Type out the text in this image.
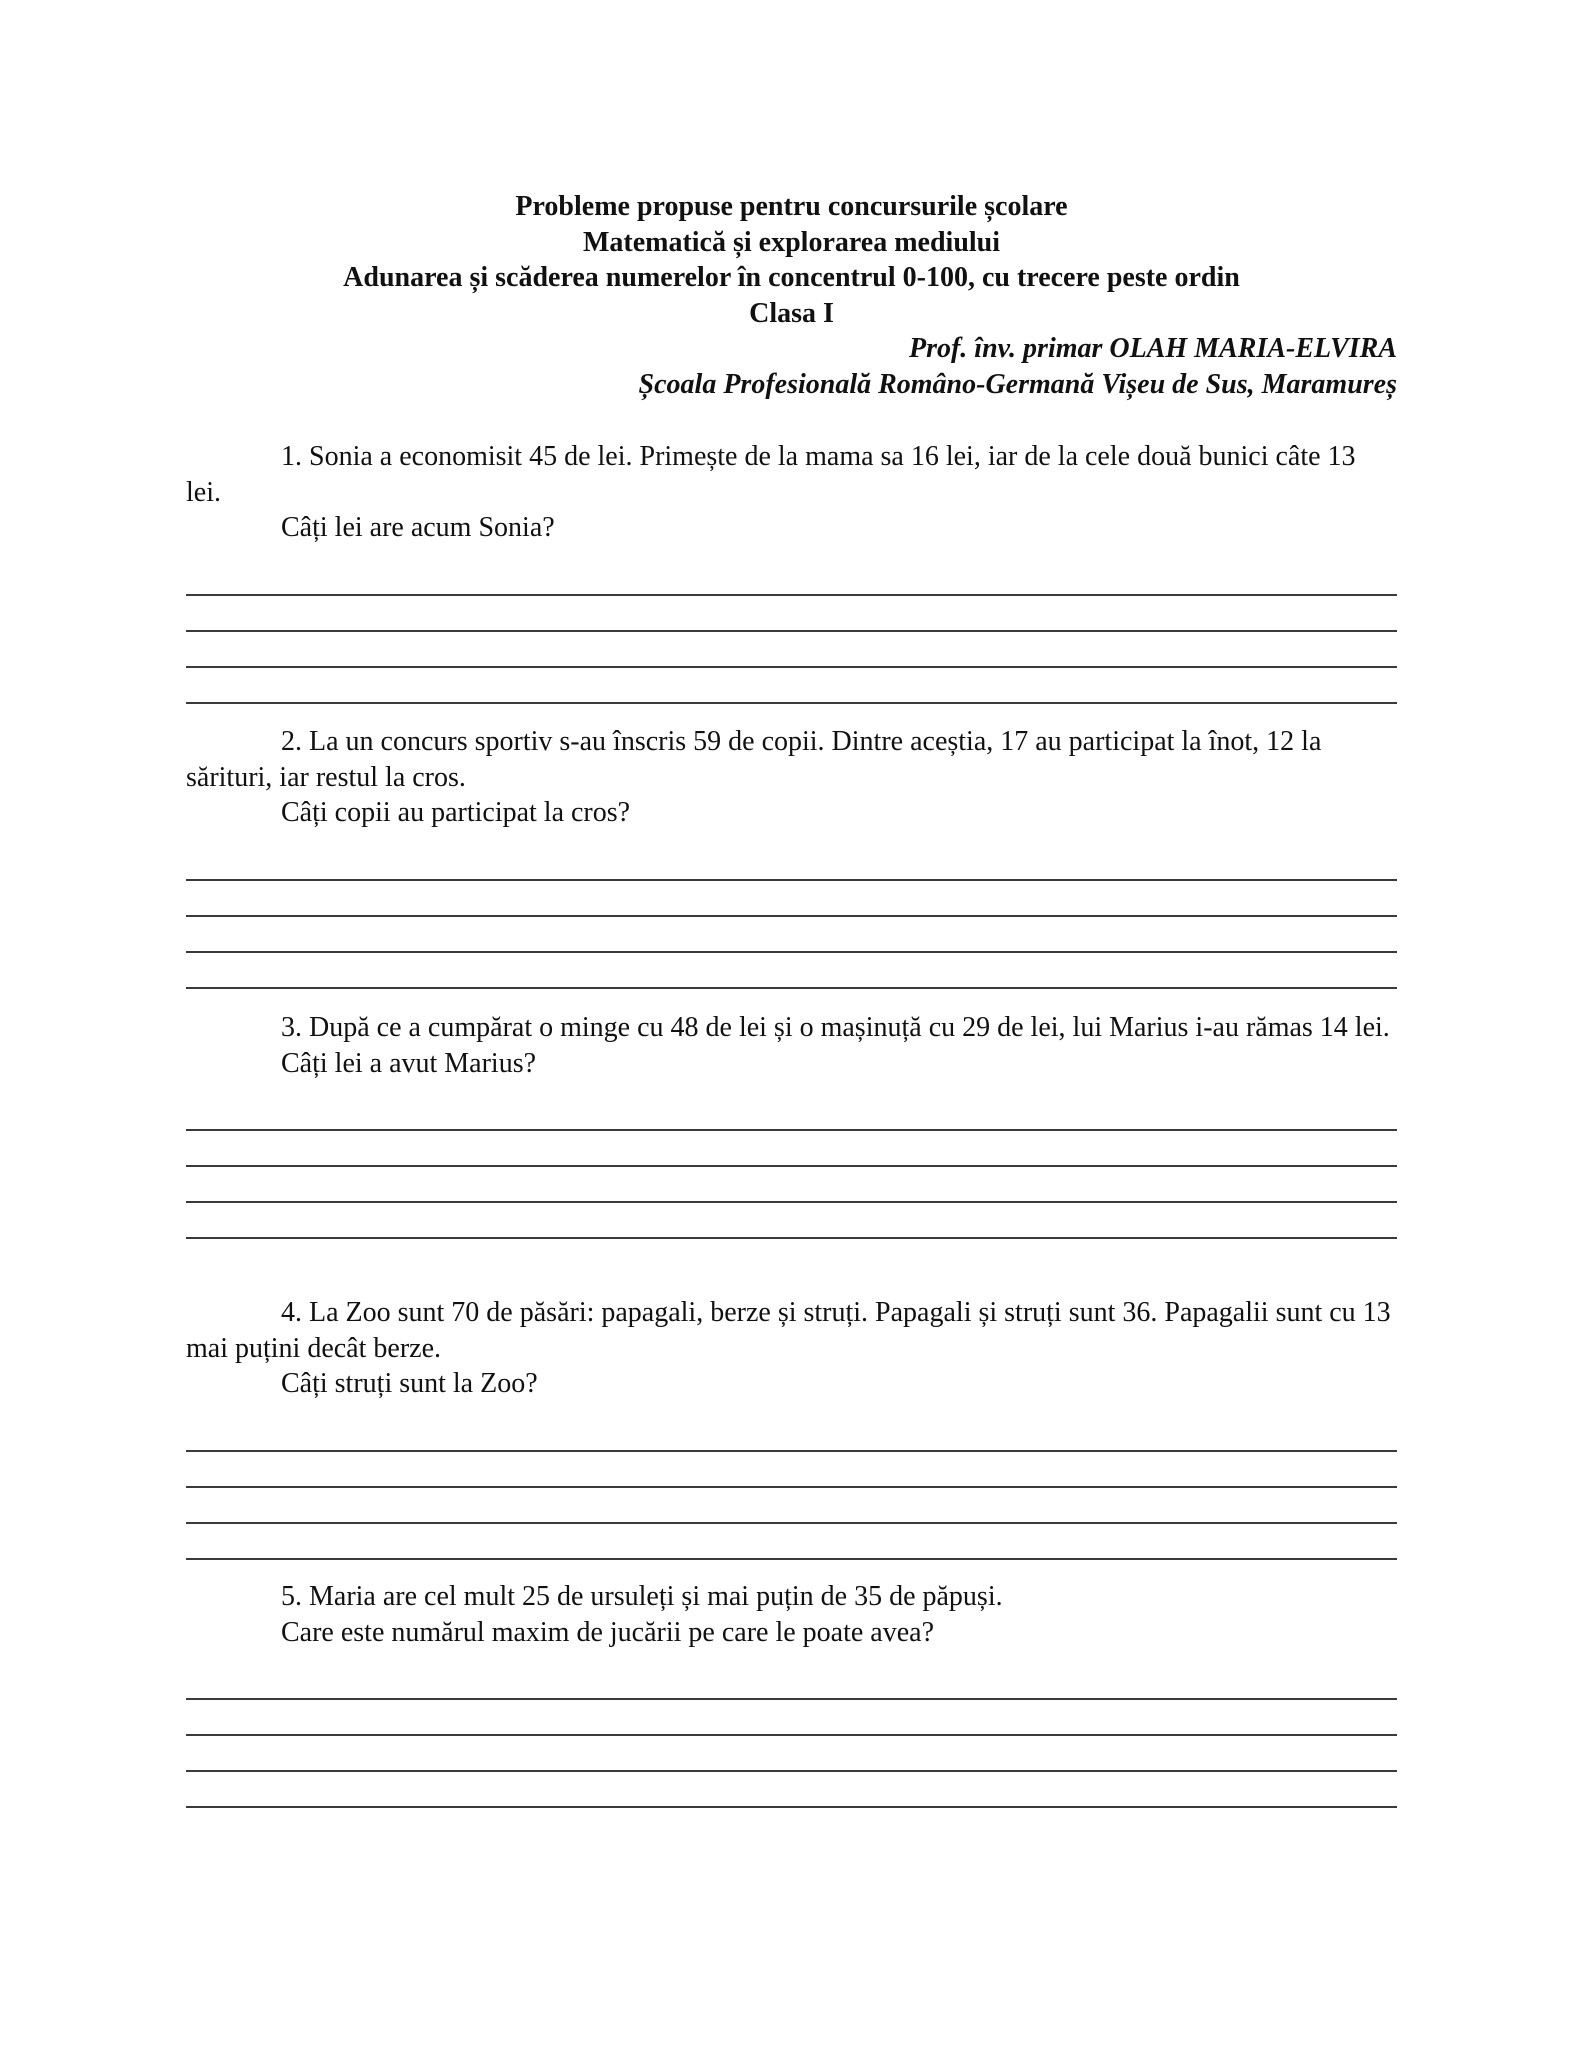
Probleme propuse pentru concursurile școlare
Matematică și explorarea mediului
Adunarea și scăderea numerelor în concentrul 0-100, cu trecere peste ordin
Clasa I
Prof. înv. primar OLAH MARIA-ELVIRA
Școala Profesională Româno-Germană Vișeu de Sus, Maramureș

1. Sonia a economisit 45 de lei. Primește de la mama sa 16 lei, iar de la cele două bunici câte 13 lei.

Câți lei are acum Sonia?

2. La un concurs sportiv s-au înscris 59 de copii. Dintre aceștia, 17 au participat la înot, 12 la sărituri, iar restul la cros.

Câți copii au participat la cros?

3. După ce a cumpărat o minge cu 48 de lei și o mașinuță cu 29 de lei, lui Marius i-au rămas 14 lei.

Câți lei a avut Marius?

4. La Zoo sunt 70 de păsări: papagali, berze și struți. Papagali și struți sunt 36. Papagalii sunt cu 13 mai puțini decât berze.

Câți struți sunt la Zoo?

5. Maria are cel mult 25 de ursuleți și mai puțin de 35 de păpuși.

Care este numărul maxim de jucării pe care le poate avea?
